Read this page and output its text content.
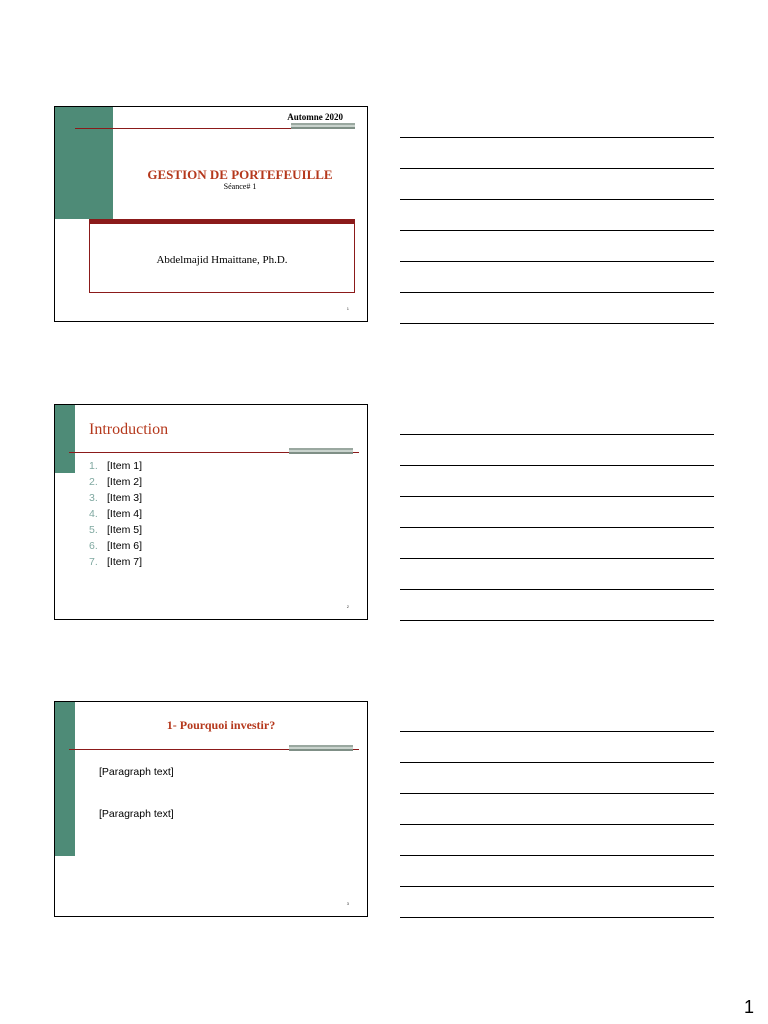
Automne 2020
GESTION DE PORTEFEUILLE
Séance# 1
Abdelmajid Hmaittane, Ph.D.
1
Introduction
1. [Item 1]
2. [Item 2]
3. [Item 3]
4. [Item 4]
5. [Item 5]
6. [Item 6]
7. [Item 7]
2
1- Pourquoi investir?
[Paragraph text]
[Paragraph text]
3
1
